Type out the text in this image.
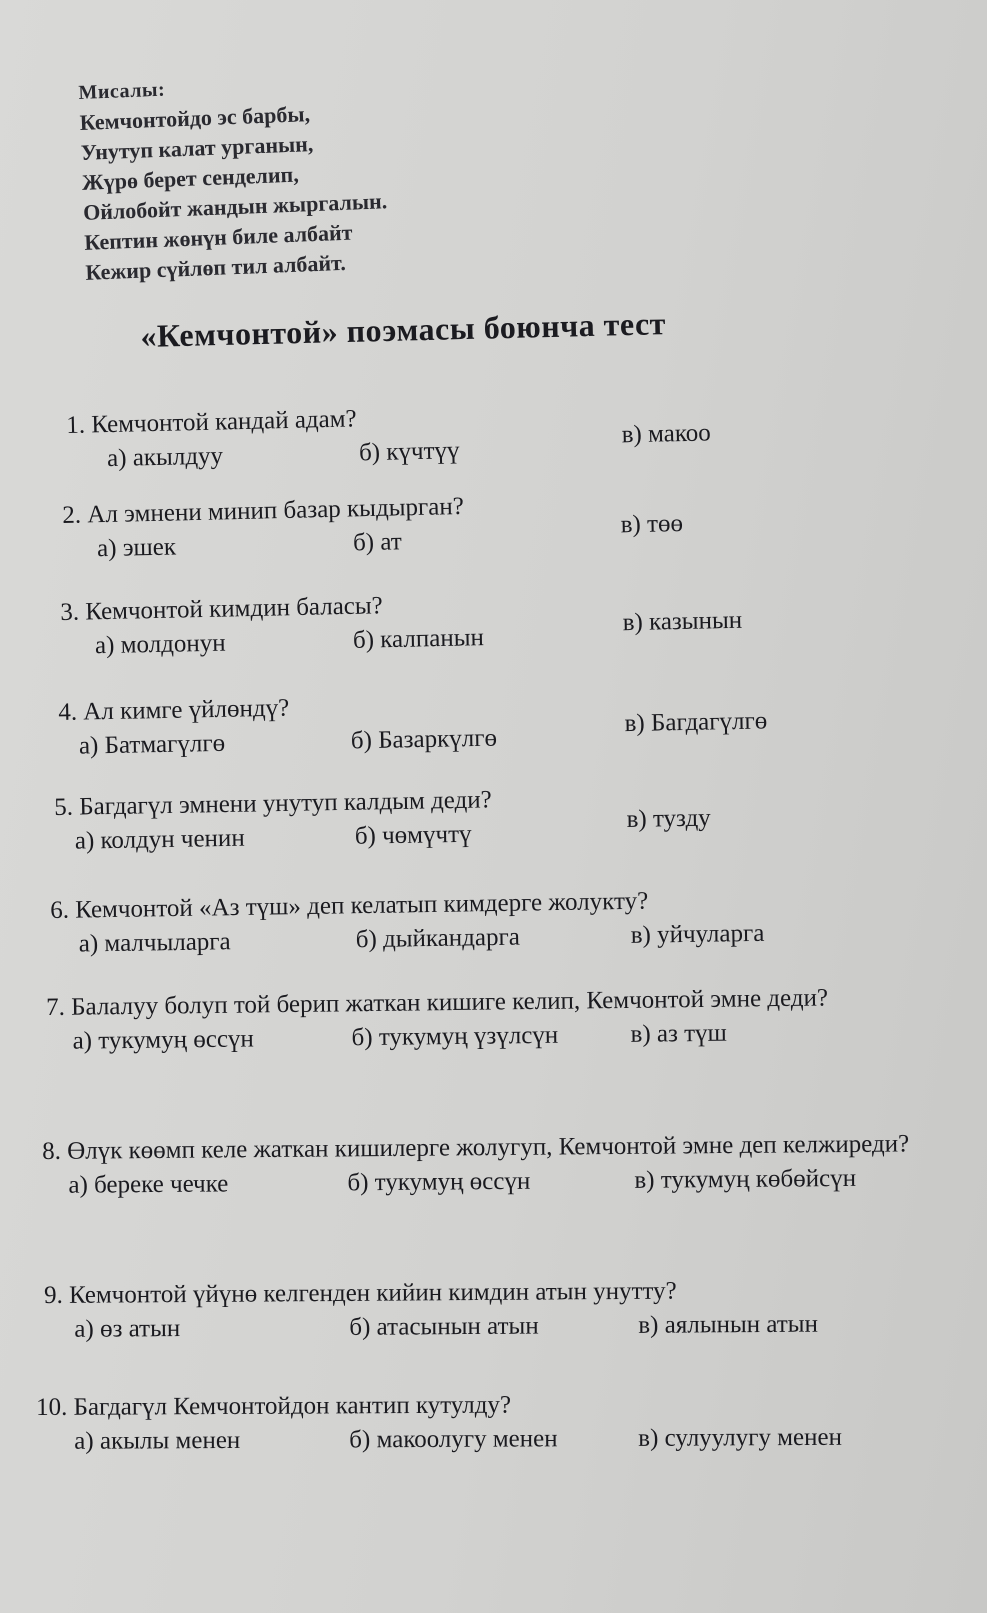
Мисалы:
Кемчонтойдо эс барбы,
Унутуп калат урганын,
Жүрө берет сенделип,
Ойлобойт жандын жыргалын.
Кептин жөнүн биле албайт
Кежир сүйлөп тил албайт.
«Кемчонтой» поэмасы боюнча тест
1. Кемчонтой кандай адам?
а) акылдуу	б) күчтүү
в) макоо
2. Ал эмнени минип базар кыдырган?
а) эшек	б) ат
в) төө
3. Кемчонтой кимдин баласы?
а) молдонун	б) калпанын
в) казынын
4. Ал кимге үйлөндү?
а) Батмагүлгө	б) Базаркүлгө
в) Багдагүлгө
5. Багдагүл эмнени унутуп калдым деди?
а) колдун ченин	б) чөмүчтү
в) тузду
6. Кемчонтой «Аз түш» деп келатып кимдерге жолукту?
а) малчыларга	б) дыйкандарга	в) уйчуларга
7. Балалуу болуп той берип жаткан кишиге келип, Кемчонтой эмне деди?
а) тукумуң өссүн	б) тукумуң үзүлсүн	в) аз түш
8. Өлүк көөмп келе жаткан кишилерге жолугуп, Кемчонтой эмне деп келжиреди?
а) береке чечке	б) тукумуң өссүн	в) тукумуң көбөйсүн
9. Кемчонтой үйүнө келгенден кийин кимдин атын унутту?
а) өз атын	б) атасынын атын	в) аялынын атын
10. Багдагүл Кемчонтойдон кантип кутулду?
а) акылы менен	б) макоолугу менен	в) сулуулугу менен
